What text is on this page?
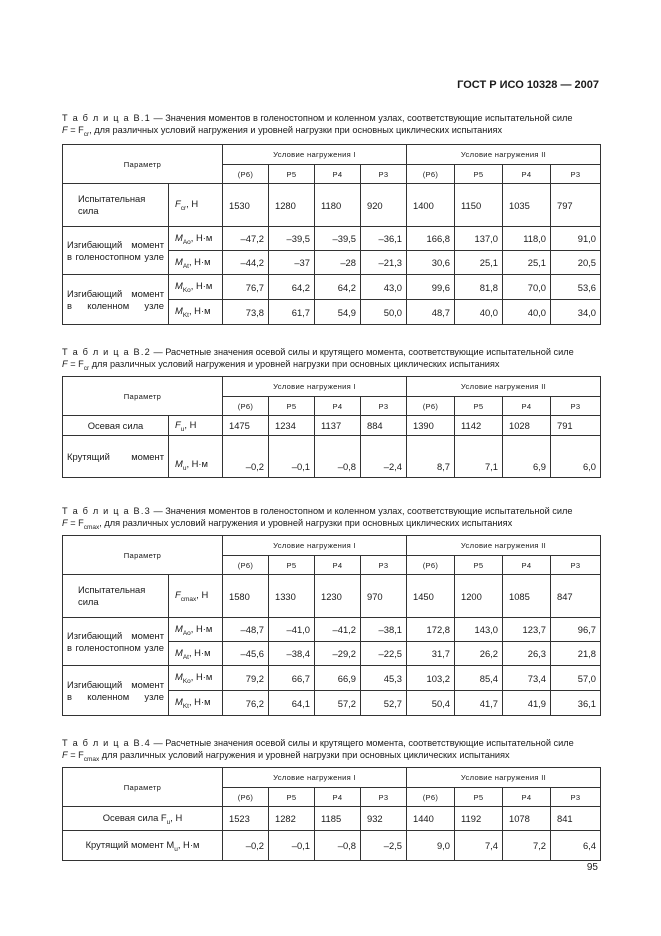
ГОСТ Р ИСО 10328 — 2007
Т а б л и ц а В.1 — Значения моментов в голеностопном и коленном узлах, соответствующие испытательной силе
$F = F_{cr}$, для различных условий нагружения и уровней нагрузки при основных циклических испытаниях
Параметр		Условие нагружения I				Условие нагружения II			
		(P6)	P5	P4	P3	(P6)	P5	P4	P3
Испытательная сила	$F_{cr}$, Н	1530	1280	1180	920	1400	1150	1035	797
Изгибающий момент в голеностопном узле	$M_{Ao}$, Н·м	–47,2	–39,5	–39,5	–36,1	166,8	137,0	118,0	91,0
	$M_{At}$, Н·м	–44,2	–37	–28	–21,3	30,6	25,1	25,1	20,5
Изгибающий момент в коленном узле	$M_{Ko}$, Н·м	76,7	64,2	64,2	43,0	99,6	81,8	70,0	53,6
	$M_{Kt}$, Н·м	73,8	61,7	54,9	50,0	48,7	40,0	40,0	34,0
Т а б л и ц а В.2 — Расчетные значения осевой силы и крутящего момента, соответствующие испытательной силе
$F = F_{cr}$ для различных условий нагружения и уровней нагрузки при основных циклических испытаниях
Параметр		Условие нагружения I				Условие нагружения II			
		(P6)	P5	P4	P3	(P6)	P5	P4	P3
Осевая сила	$F_u$, Н	1475	1234	1137	884	1390	1142	1028	791
Крутящий момент	$M_u$, Н·м	–0,2	–0,1	–0,8	–2,4	8,7	7,1	6,9	6,0
Т а б л и ц а В.3 — Значения моментов в голеностопном и коленном узлах, соответствующие испытательной силе
$F = F_{cmax}$, для различных условий нагружения и уровней нагрузки при основных циклических испытаниях
Параметр		Условие нагружения I				Условие нагружения II			
		(P6)	P5	P4	P3	(P6)	P5	P4	P3
Испытательная сила	$F_{cmax}$, Н	1580	1330	1230	970	1450	1200	1085	847
Изгибающий момент в голеностопном узле	$M_{Ao}$, Н·м	–48,7	–41,0	–41,2	–38,1	172,8	143,0	123,7	96,7
	$M_{At}$, Н·м	–45,6	–38,4	–29,2	–22,5	31,7	26,2	26,3	21,8
Изгибающий момент в коленном узле	$M_{Ko}$, Н·м	79,2	66,7	66,9	45,3	103,2	85,4	73,4	57,0
	$M_{Kt}$, Н·м	76,2	64,1	57,2	52,7	50,4	41,7	41,9	36,1
Т а б л и ц а В.4 — Расчетные значения осевой силы и крутящего момента, соответствующие испытательной силе
$F = F_{cmax}$ для различных условий нагружения и уровней нагрузки при основных циклических испытаниях
Параметр	Условие нагружения I				Условие нагружения II			
	(P6)	P5	P4	P3	(P6)	P5	P4	P3
Осевая сила $F_u$, Н	1523	1282	1185	932	1440	1192	1078	841
Крутящий момент $M_u$, Н·м	–0,2	–0,1	–0,8	–2,5	9,0	7,4	7,2	6,4
95
